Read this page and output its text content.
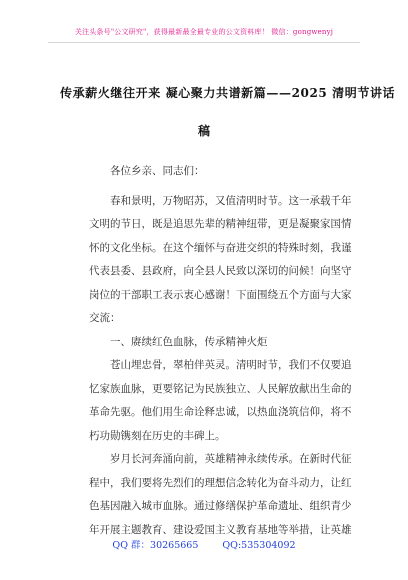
关注头条号"公文研究"，获得最新最全最专业的公文资料库！ 微信：gongwenyj
传承薪火继往开来 凝心聚力共谱新篇——2025 清明节讲话
稿

各位乡亲、同志们：

春和景明，万物昭苏，又值清明时节。这一承载千年

文明的节日，既是追思先辈的精神纽带，更是凝聚家国情

怀的文化坐标。在这个缅怀与奋进交织的特殊时刻，我谨

代表县委、县政府，向全县人民致以深切的问候！向坚守

岗位的干部职工表示衷心感谢！下面围绕五个方面与大家

交流：

一、赓续红色血脉，传承精神火炬

苍山埋忠骨，翠柏伴英灵。清明时节，我们不仅要追

忆家族血脉，更要铭记为民族独立、人民解放献出生命的

革命先驱。他们用生命诠释忠诚，以热血浇筑信仰，将不

朽功勋镌刻在历史的丰碑上。

岁月长河奔涌向前，英雄精神永续传承。在新时代征

程中，我们要将先烈们的理想信念转化为奋斗动力，让红

色基因融入城市血脉。通过修缮保护革命遗址、组织青少

年开展主题教育、建设爱国主义教育基地等举措，让英雄

QQ 群：30265665	QQ:535304092
